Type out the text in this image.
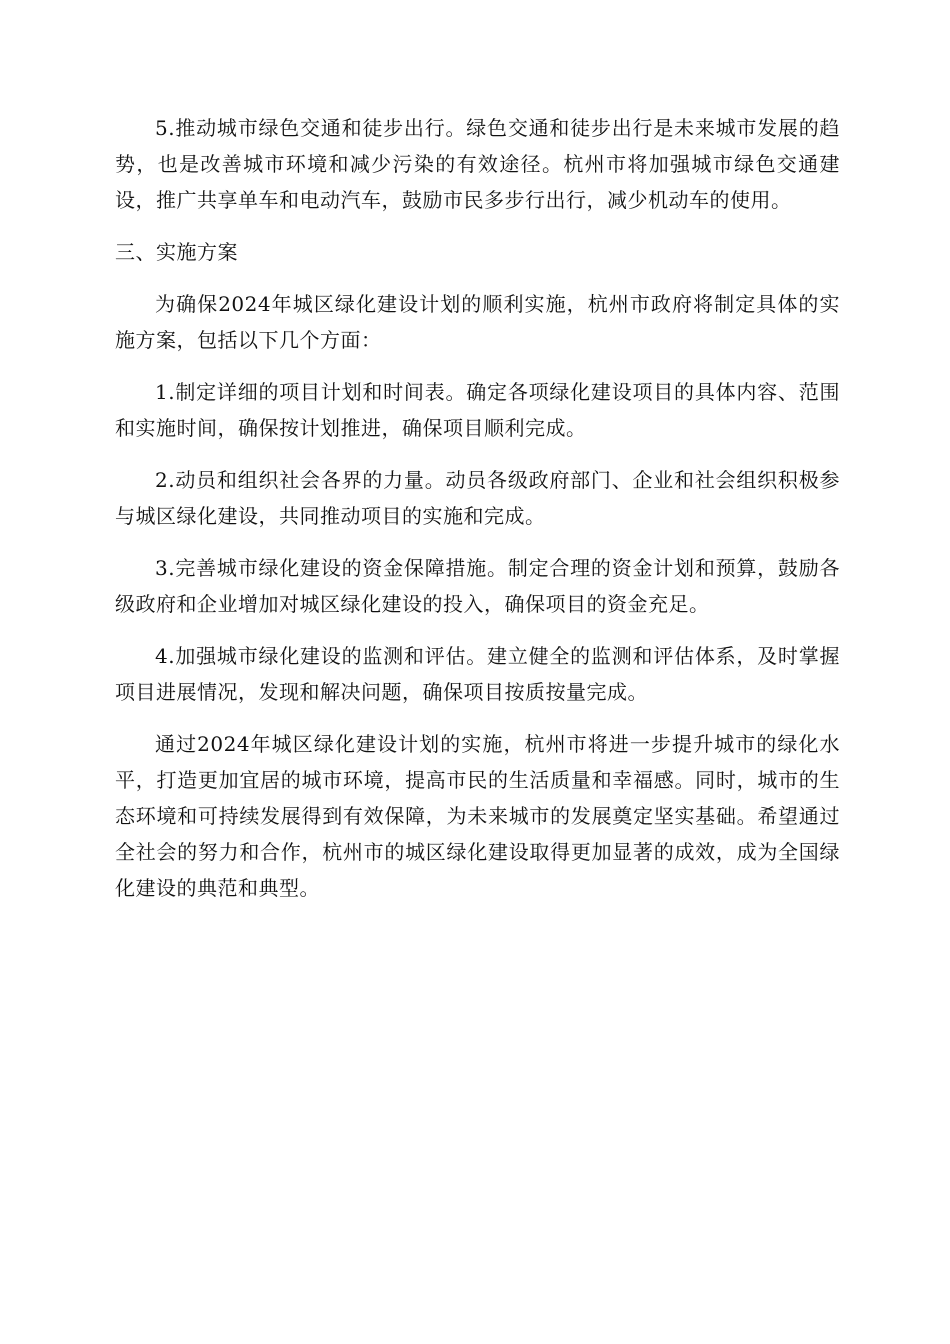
5.推动城市绿色交通和徒步出行。绿色交通和徒步出行是未来城市发展的趋势，也是改善城市环境和减少污染的有效途径。杭州市将加强城市绿色交通建设，推广共享单车和电动汽车，鼓励市民多步行出行，减少机动车的使用。

三、实施方案

为确保2024年城区绿化建设计划的顺利实施，杭州市政府将制定具体的实施方案，包括以下几个方面：

1.制定详细的项目计划和时间表。确定各项绿化建设项目的具体内容、范围和实施时间，确保按计划推进，确保项目顺利完成。

2.动员和组织社会各界的力量。动员各级政府部门、企业和社会组织积极参与城区绿化建设，共同推动项目的实施和完成。

3.完善城市绿化建设的资金保障措施。制定合理的资金计划和预算，鼓励各级政府和企业增加对城区绿化建设的投入，确保项目的资金充足。

4.加强城市绿化建设的监测和评估。建立健全的监测和评估体系，及时掌握项目进展情况，发现和解决问题，确保项目按质按量完成。

通过2024年城区绿化建设计划的实施，杭州市将进一步提升城市的绿化水平，打造更加宜居的城市环境，提高市民的生活质量和幸福感。同时，城市的生态环境和可持续发展得到有效保障，为未来城市的发展奠定坚实基础。希望通过全社会的努力和合作，杭州市的城区绿化建设取得更加显著的成效，成为全国绿化建设的典范和典型。
